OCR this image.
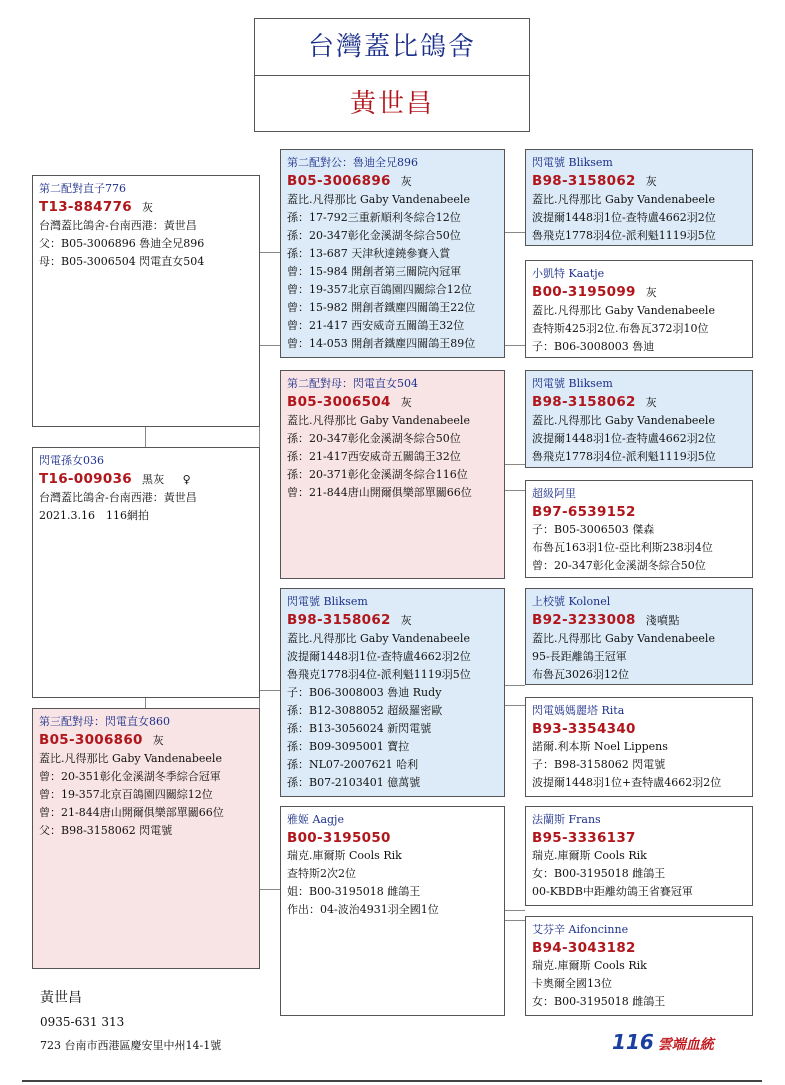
台灣蓋比鴿舍
黃世昌
第二配對直子776
T13-884776 灰
台灣蓋比鴿舍-台南西港：黃世昌
父：B05-3006896 魯迪全兄896
母：B05-3006504 閃電直女504
閃電孫女036
T16-009036 黑灰 ♀
台灣蓋比鴿舍-台南西港：黃世昌
2021.3.16　116網拍
第三配對母：閃電直女860
B05-3006860 灰
蓋比.凡得那比 Gaby Vandenabeele
曾：20-351彰化金溪湖冬季綜合冠軍
曾：19-357北京百鴿園四關綜12位
曾：21-844唐山開爾俱樂部單關66位
父：B98-3158062 閃電號
第二配對公：魯迪全兄896
B05-3006896 灰
蓋比.凡得那比 Gaby Vandenabeele
孫：17-792三重新順利冬綜合12位
孫：20-347彰化金溪湖冬綜合50位
孫：13-687 天津秋達鐃參賽入賞
曾：15-984 開創者第三關院內冠軍
曾：19-357北京百鴿園四關綜合12位
曾：15-982 開創者鐵塵四關鴿王22位
曾：21-417 西安威奇五關鴿王32位
曾：14-053 開創者鐵塵四關鴿王89位
第二配對母：閃電直女504
B05-3006504 灰
蓋比.凡得那比 Gaby Vandenabeele
孫：20-347彰化金溪湖冬綜合50位
孫：21-417西安威奇五關鴿王32位
孫：20-371彰化金溪湖冬綜合116位
曾：21-844唐山開爾俱樂部單關66位
閃電號 Bliksem
B98-3158062 灰
蓋比.凡得那比 Gaby Vandenabeele
波提爾1448羽1位-查特盧4662羽2位
魯飛克1778羽4位-派利魁1119羽5位
子：B06-3008003 魯迪 Rudy
孫：B12-3088052 超級羅密歐
孫：B13-3056024 新閃電號
孫：B09-3095001 寶拉
孫：NL07-2007621 哈利
孫：B07-2103401 億萬號
雅姬 Aagje
B00-3195050
瑞克.庫爾斯 Cools Rik
查特斯2次2位
姐：B00-3195018 雌鴿王
作出：04-波治4931羽全國1位
閃電號 Bliksem
B98-3158062 灰
蓋比.凡得那比 Gaby Vandenabeele
波提爾1448羽1位-查特盧4662羽2位
魯飛克1778羽4位-派利魁1119羽5位
小凱特 Kaatje
B00-3195099 灰
蓋比.凡得那比 Gaby Vandenabeele
查特斯425羽2位.布魯瓦372羽10位
子：B06-3008003 魯迪
閃電號 Bliksem
B98-3158062 灰
蓋比.凡得那比 Gaby Vandenabeele
波提爾1448羽1位-查特盧4662羽2位
魯飛克1778羽4位-派利魁1119羽5位
超級阿里
B97-6539152
子：B05-3006503 傑森
布魯瓦163羽1位-亞比利斯238羽4位
曾：20-347彰化金溪湖冬綜合50位
上校號 Kolonel
B92-3233008 淺噴點
蓋比.凡得那比 Gaby Vandenabeele
95-長距離鴿王冠軍
布魯瓦3026羽12位
閃電媽媽麗塔 Rita
B93-3354340
諾爾.利本斯 Noel Lippens
子：B98-3158062 閃電號
波提爾1448羽1位+查特盧4662羽2位
法蘭斯 Frans
B95-3336137
瑞克.庫爾斯 Cools Rik
女：B00-3195018 雌鴿王
00-KBDB中距離幼鴿王省賽冠軍
艾芬辛 Aifoncinne
B94-3043182
瑞克.庫爾斯 Cools Rik
卡奧爾全國13位
女：B00-3195018 雌鴿王
黃世昌
0935-631 313
723 台南市西港區慶安里中州14-1號	116 雲端血統
